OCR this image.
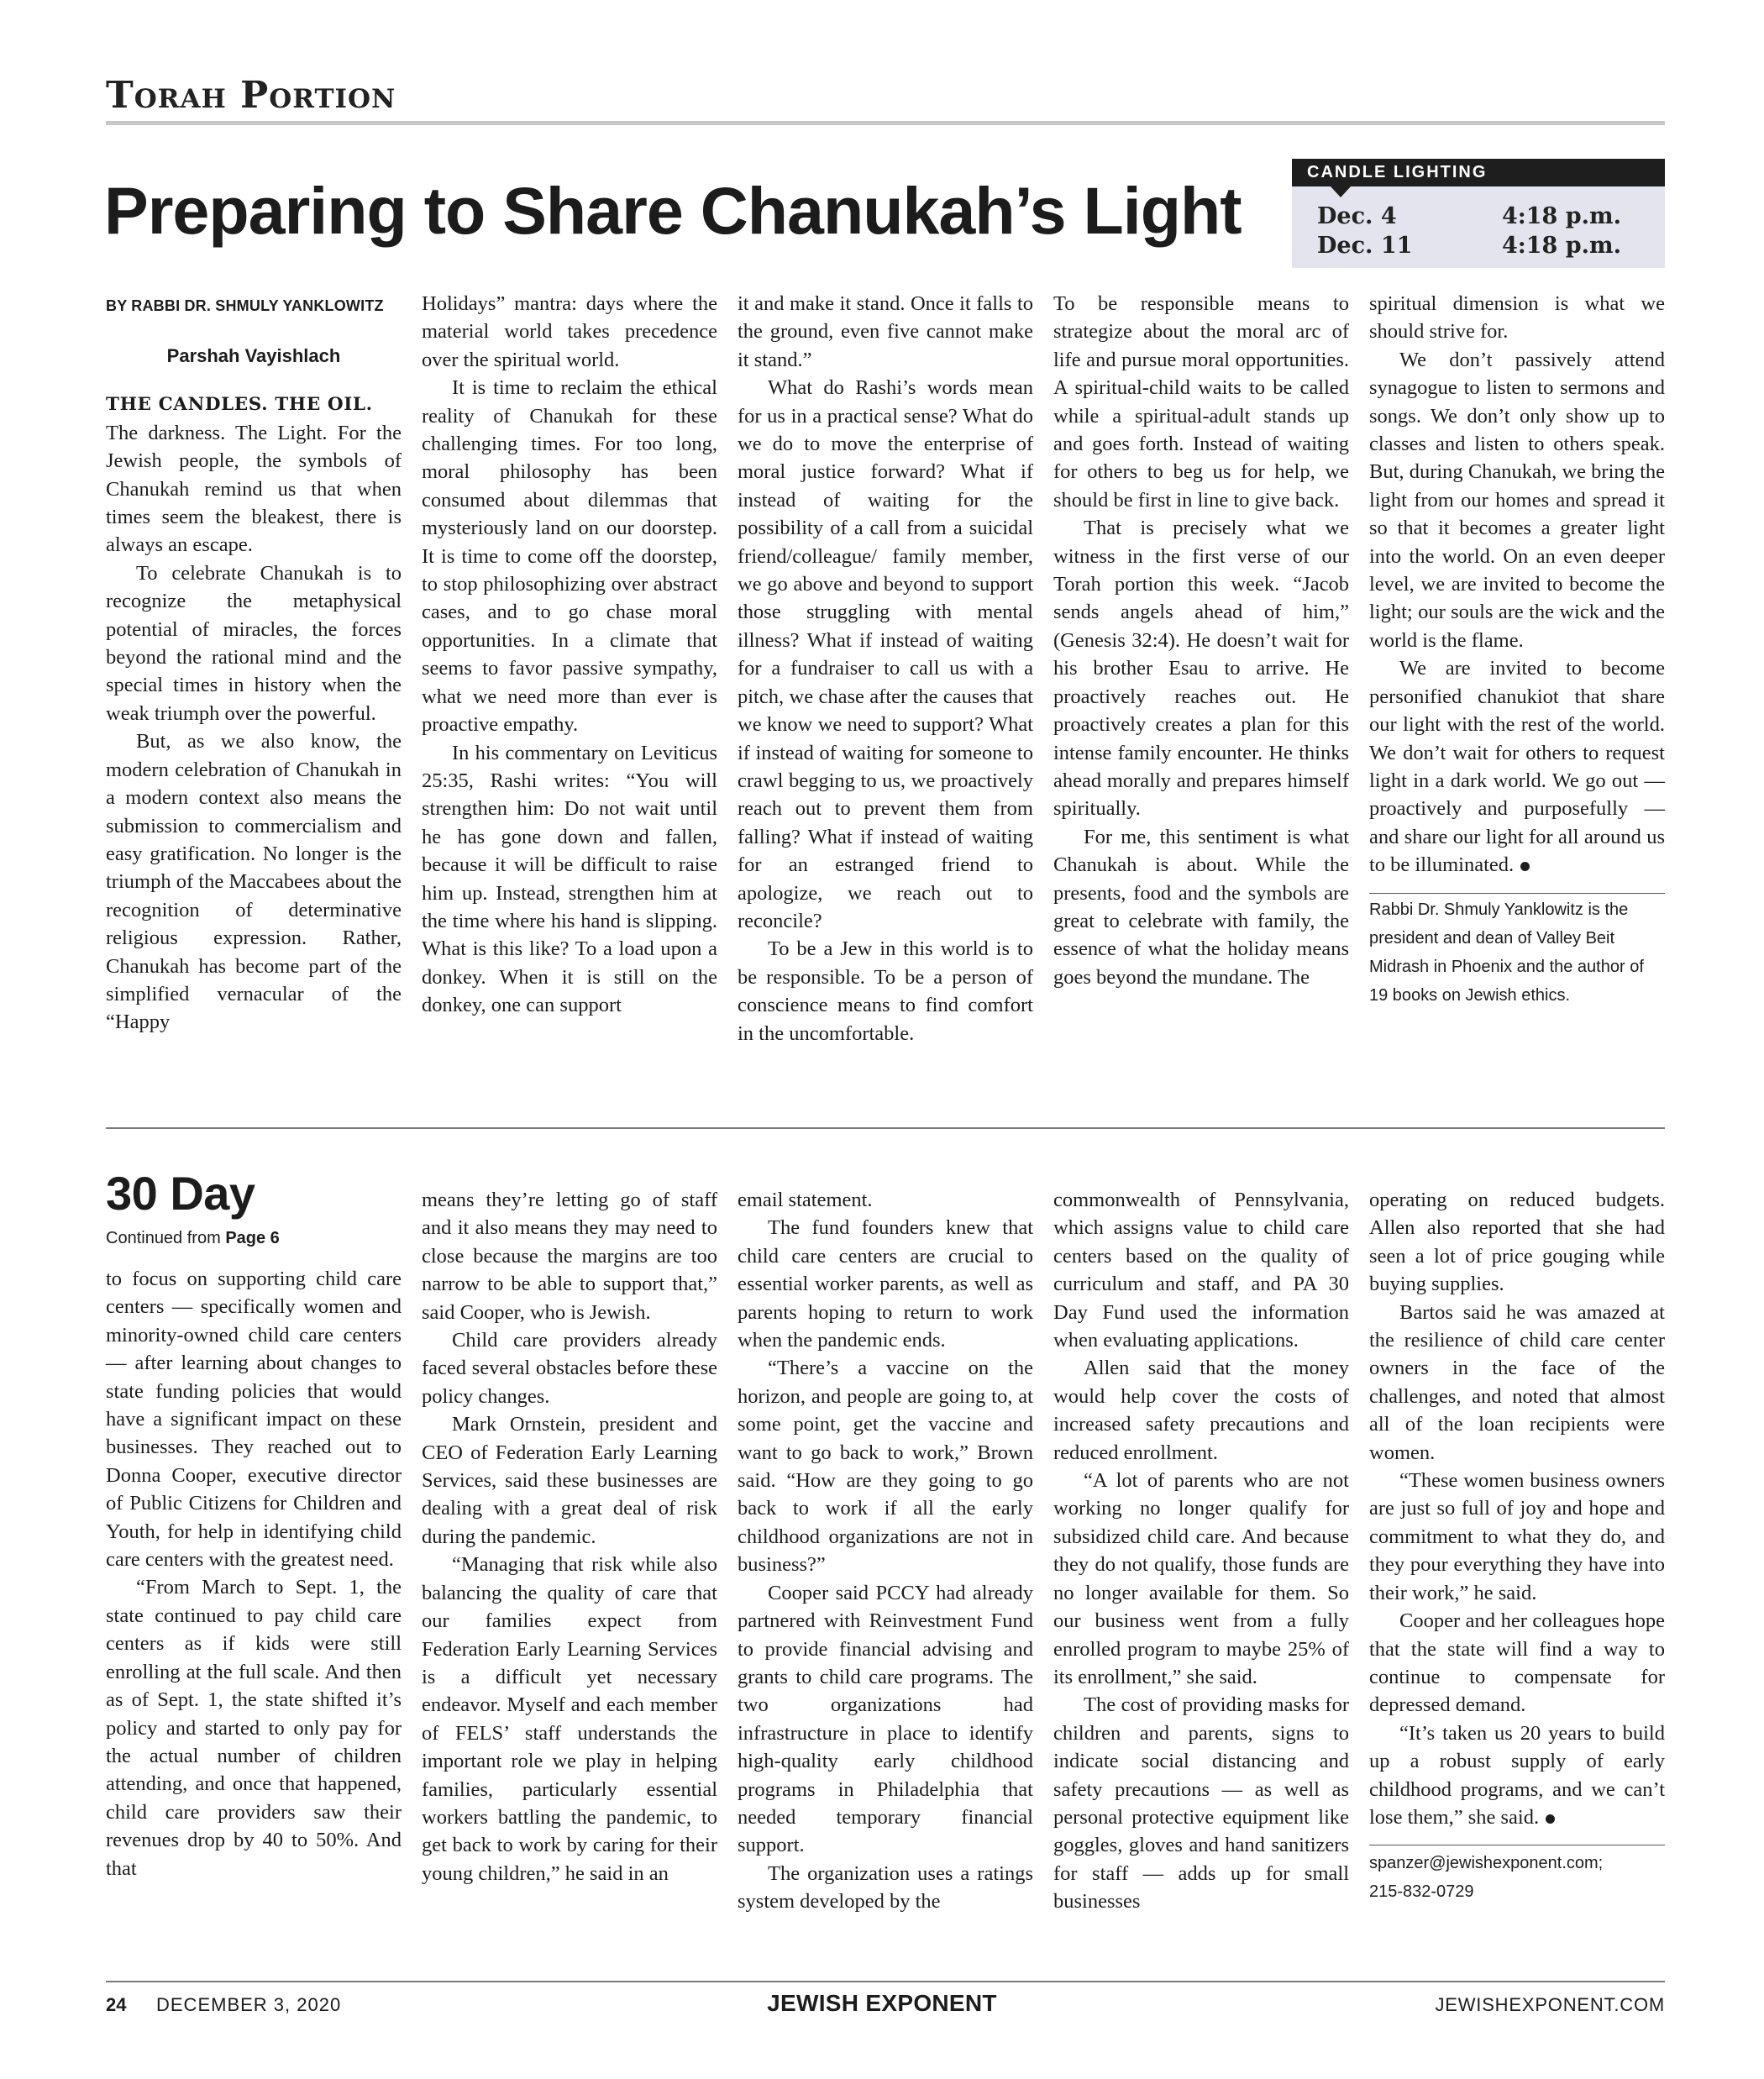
Torah Portion
Preparing to Share Chanukah’s Light
CANDLE LIGHTING
Dec. 4	4:18 p.m.
Dec. 11	4:18 p.m.
BY RABBI DR. SHMULY YANKLOWITZ
Parshah Vayishlach

THE CANDLES. THE OIL.
The darkness. The Light. For the Jewish people, the symbols of Chanukah remind us that when times seem the bleakest, there is always an escape.

To celebrate Chanukah is to recognize the metaphysical potential of miracles, the forces beyond the rational mind and the special times in history when the weak triumph over the powerful.

But, as we also know, the modern celebration of Chanukah in a modern context also means the submission to commercialism and easy gratification. No longer is the triumph of the Maccabees about the recognition of determinative religious expression. Rather, Chanukah has become part of the simplified vernacular of the “Happy

Holidays” mantra: days where the material world takes precedence over the spiritual world.

It is time to reclaim the ethical reality of Chanukah for these challenging times. For too long, moral philosophy has been consumed about dilemmas that mysteriously land on our doorstep. It is time to come off the doorstep, to stop philosophizing over abstract cases, and to go chase moral opportunities. In a climate that seems to favor passive sympathy, what we need more than ever is proactive empathy.

In his commentary on Leviticus 25:35, Rashi writes: “You will strengthen him: Do not wait until he has gone down and fallen, because it will be difficult to raise him up. Instead, strengthen him at the time where his hand is slipping. What is this like? To a load upon a donkey. When it is still on the donkey, one can support

it and make it stand. Once it falls to the ground, even five cannot make it stand.”

What do Rashi’s words mean for us in a practical sense? What do we do to move the enterprise of moral justice forward? What if instead of waiting for the possibility of a call from a suicidal friend/colleague/ family member, we go above and beyond to support those struggling with mental illness? What if instead of waiting for a fundraiser to call us with a pitch, we chase after the causes that we know we need to support? What if instead of waiting for someone to crawl begging to us, we proactively reach out to prevent them from falling? What if instead of waiting for an estranged friend to apologize, we reach out to reconcile?

To be a Jew in this world is to be responsible. To be a person of conscience means to find comfort in the uncomfortable.

To be responsible means to strategize about the moral arc of life and pursue moral opportunities. A spiritual-child waits to be called while a spiritual-adult stands up and goes forth. Instead of waiting for others to beg us for help, we should be first in line to give back.

That is precisely what we witness in the first verse of our Torah portion this week. “Jacob sends angels ahead of him,” (Genesis 32:4). He doesn’t wait for his brother Esau to arrive. He proactively reaches out. He proactively creates a plan for this intense family encounter. He thinks ahead morally and prepares himself spiritually.

For me, this sentiment is what Chanukah is about. While the presents, food and the symbols are great to celebrate with family, the essence of what the holiday means goes beyond the mundane. The

spiritual dimension is what we should strive for.

We don’t passively attend synagogue to listen to sermons and songs. We don’t only show up to classes and listen to others speak. But, during Chanukah, we bring the light from our homes and spread it so that it becomes a greater light into the world. On an even deeper level, we are invited to become the light; our souls are the wick and the world is the flame.

We are invited to become personified chanukiot that share our light with the rest of the world. We don’t wait for others to request light in a dark world. We go out — proactively and purposefully — and share our light for all around us to be illuminated.

Rabbi Dr. Shmuly Yanklowitz is the president and dean of Valley Beit Midrash in Phoenix and the author of 19 books on Jewish ethics.
30 Day
Continued from Page 6

to focus on supporting child care centers — specifically women and minority-owned child care centers — after learning about changes to state funding policies that would have a significant impact on these businesses. They reached out to Donna Cooper, executive director of Public Citizens for Children and Youth, for help in identifying child care centers with the greatest need.

“From March to Sept. 1, the state continued to pay child care centers as if kids were still enrolling at the full scale. And then as of Sept. 1, the state shifted it’s policy and started to only pay for the actual number of children attending, and once that happened, child care providers saw their revenues drop by 40 to 50%. And that

means they’re letting go of staff and it also means they may need to close because the margins are too narrow to be able to support that,” said Cooper, who is Jewish.

Child care providers already faced several obstacles before these policy changes.

Mark Ornstein, president and CEO of Federation Early Learning Services, said these businesses are dealing with a great deal of risk during the pandemic.

“Managing that risk while also balancing the quality of care that our families expect from Federation Early Learning Services is a difficult yet necessary endeavor. Myself and each member of FELS’ staff understands the important role we play in helping families, particularly essential workers battling the pandemic, to get back to work by caring for their young children,” he said in an

email statement.

The fund founders knew that child care centers are crucial to essential worker parents, as well as parents hoping to return to work when the pandemic ends.

“There’s a vaccine on the horizon, and people are going to, at some point, get the vaccine and want to go back to work,” Brown said. “How are they going to go back to work if all the early childhood organizations are not in business?”

Cooper said PCCY had already partnered with Reinvestment Fund to provide financial advising and grants to child care programs. The two organizations had infrastructure in place to identify high-quality early childhood programs in Philadelphia that needed temporary financial support.

The organization uses a ratings system developed by the

commonwealth of Pennsylvania, which assigns value to child care centers based on the quality of curriculum and staff, and PA 30 Day Fund used the information when evaluating applications.

Allen said that the money would help cover the costs of increased safety precautions and reduced enrollment.

“A lot of parents who are not working no longer qualify for subsidized child care. And because they do not qualify, those funds are no longer available for them. So our business went from a fully enrolled program to maybe 25% of its enrollment,” she said.

The cost of providing masks for children and parents, signs to indicate social distancing and safety precautions — as well as personal protective equipment like goggles, gloves and hand sanitizers for staff — adds up for small businesses

operating on reduced budgets. Allen also reported that she had seen a lot of price gouging while buying supplies.

Bartos said he was amazed at the resilience of child care center owners in the face of the challenges, and noted that almost all of the loan recipients were women.

“These women business owners are just so full of joy and hope and commitment to what they do, and they pour everything they have into their work,” he said.

Cooper and her colleagues hope that the state will find a way to continue to compensate for depressed demand.

“It’s taken us 20 years to build up a robust supply of early childhood programs, and we can’t lose them,” she said.

spanzer@jewishexponent.com;
215-832-0729
24 DECEMBER 3, 2020	JEWISH EXPONENT	JEWISHEXPONENT.COM
